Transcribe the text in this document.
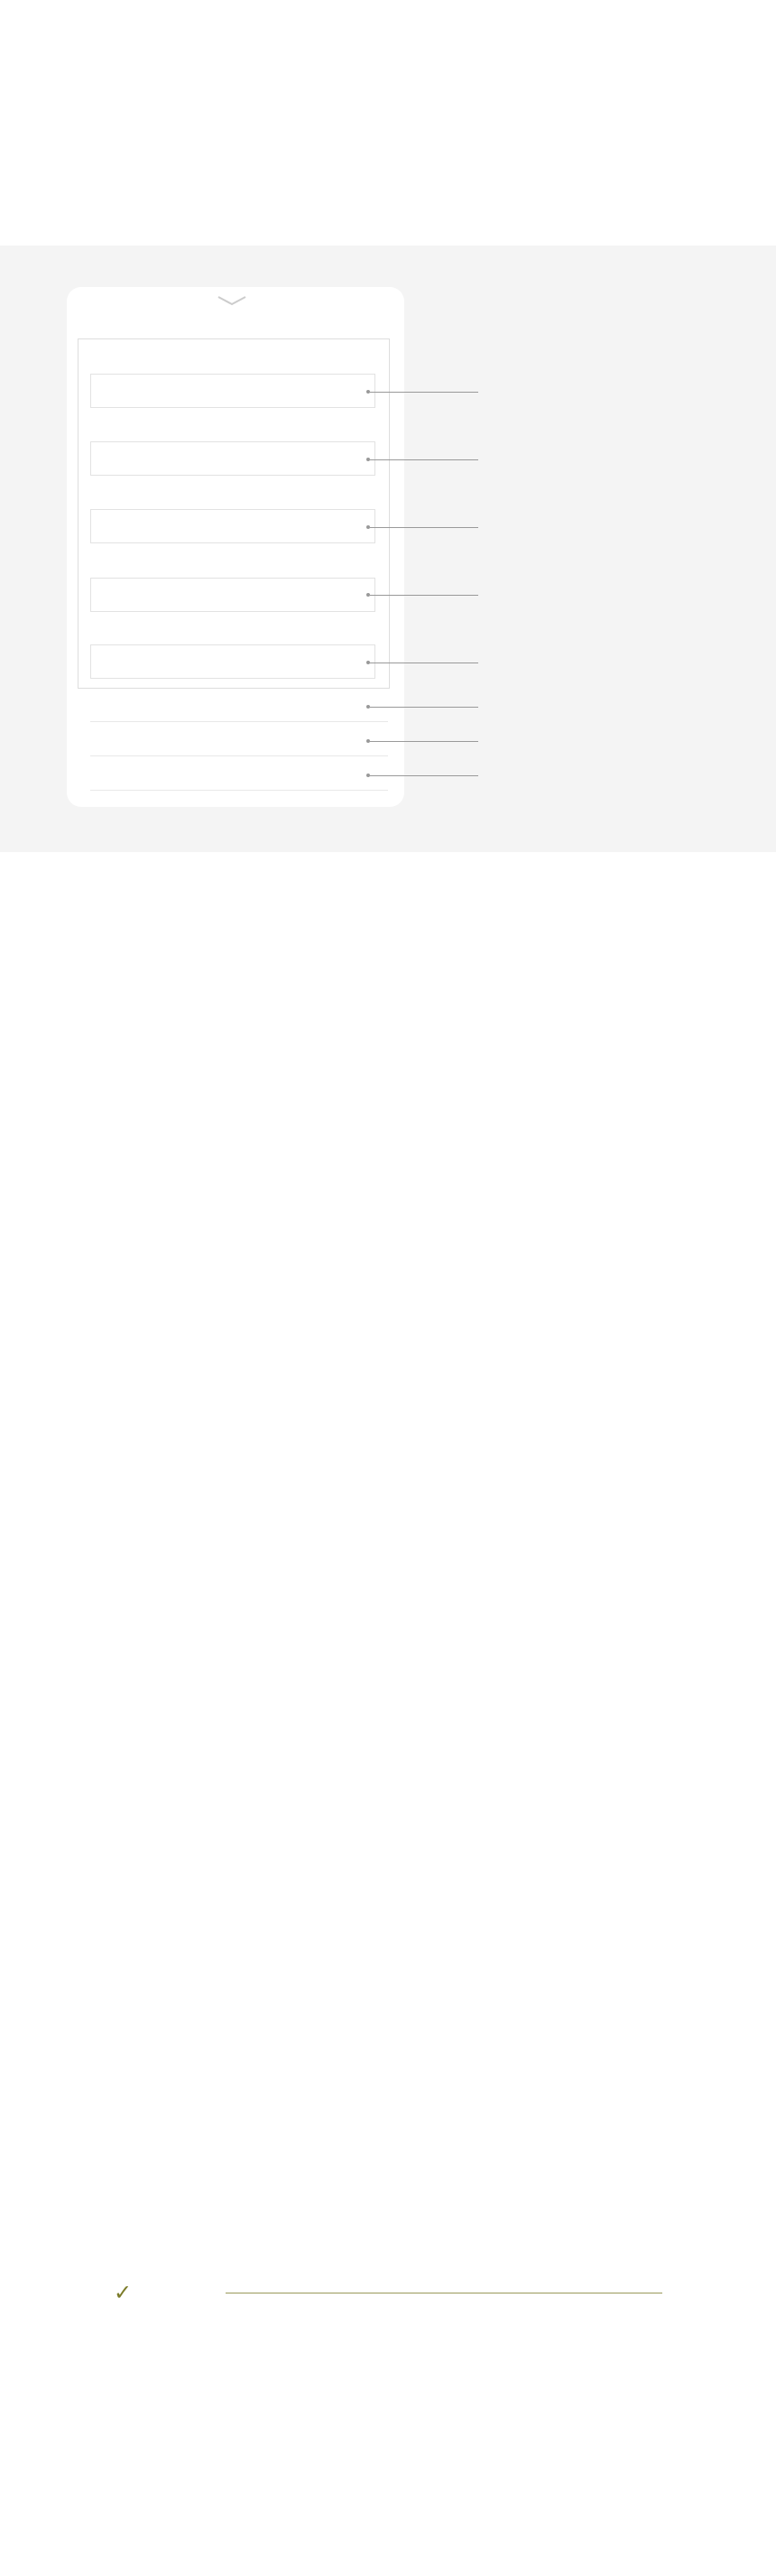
✓
